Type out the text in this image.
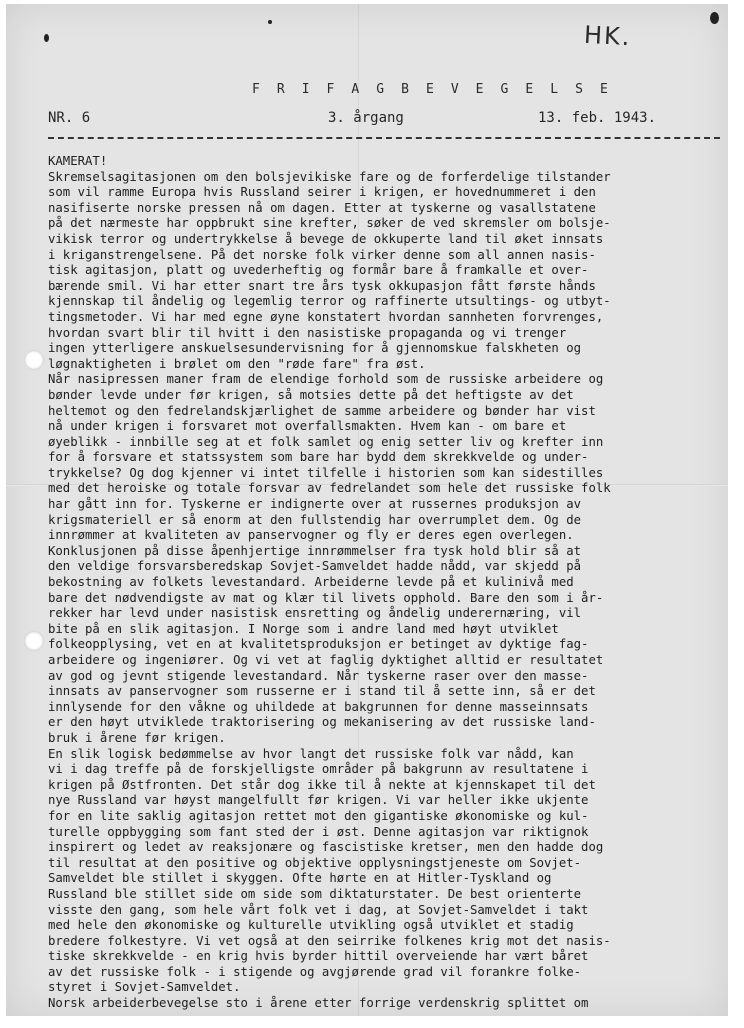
HK.
F R I F A G B E V E G E L S E
NR. 6	3. årgang	13. feb. 1943.
KAMERAT!
Skremselsagitasjonen om den bolsjevikiske fare og de forferdelige tilstander
som vil ramme Europa hvis Russland seirer i krigen, er hovednummeret i den
nasifiserte norske pressen nå om dagen. Etter at tyskerne og vasallstatene
på det nærmeste har oppbrukt sine krefter, søker de ved skremsler om bolsje-
vikisk terror og undertrykkelse å bevege de okkuperte land til øket innsats
i kriganstrengelsene. På det norske folk virker denne som all annen nasis-
tisk agitasjon, platt og uvederheftig og formår bare å framkalle et over-
bærende smil. Vi har etter snart tre års tysk okkupasjon fått første hånds
kjennskap til åndelig og legemlig terror og raffinerte utsultings- og utbyt-
tingsmetoder. Vi har med egne øyne konstatert hvordan sannheten forvrenges,
hvordan svart blir til hvitt i den nasistiske propaganda og vi trenger
ingen ytterligere anskuelsesundervisning for å gjennomskue falskheten og
løgnaktigheten i brølet om den "røde fare" fra øst.
Når nasipressen maner fram de elendige forhold som de russiske arbeidere og
bønder levde under før krigen, så motsies dette på det heftigste av det
heltemot og den fedrelandskjærlighet de samme arbeidere og bønder har vist
nå under krigen i forsvaret mot overfallsmakten. Hvem kan - om bare et
øyeblikk - innbille seg at et folk samlet og enig setter liv og krefter inn
for å forsvare et statssystem som bare har bydd dem skrekkvelde og under-
trykkelse? Og dog kjenner vi intet tilfelle i historien som kan sidestilles
med det heroiske og totale forsvar av fedrelandet som hele det russiske folk
har gått inn for. Tyskerne er indignerte over at russernes produksjon av
krigsmateriell er så enorm at den fullstendig har overrumplet dem. Og de
innrømmer at kvaliteten av panservogner og fly er deres egen overlegen.
Konklusjonen på disse åpenhjertige innrømmelser fra tysk hold blir så at
den veldige forsvarsberedskap Sovjet-Samveldet hadde nådd, var skjedd på
bekostning av folkets levestandard. Arbeiderne levde på et kulinivå med
bare det nødvendigste av mat og klær til livets opphold. Bare den som i år-
rekker har levd under nasistisk ensretting og åndelig underernæring, vil
bite på en slik agitasjon. I Norge som i andre land med høyt utviklet
folkeopplysing, vet en at kvalitetsproduksjon er betinget av dyktige fag-
arbeidere og ingeniører. Og vi vet at faglig dyktighet alltid er resultatet
av god og jevnt stigende levestandard. Når tyskerne raser over den masse-
innsats av panservogner som russerne er i stand til å sette inn, så er det
innlysende for den våkne og uhildede at bakgrunnen for denne masseinnsats
er den høyt utviklede traktorisering og mekanisering av det russiske land-
bruk i årene før krigen.
En slik logisk bedømmelse av hvor langt det russiske folk var nådd, kan
vi i dag treffe på de forskjelligste områder på bakgrunn av resultatene i
krigen på Østfronten. Det står dog ikke til å nekte at kjennskapet til det
nye Russland var høyst mangelfullt før krigen. Vi var heller ikke ukjente
for en lite saklig agitasjon rettet mot den gigantiske økonomiske og kul-
turelle oppbygging som fant sted der i øst. Denne agitasjon var riktignok
inspirert og ledet av reaksjonære og fascistiske kretser, men den hadde dog
til resultat at den positive og objektive opplysningstjeneste om Sovjet-
Samveldet ble stillet i skyggen. Ofte hørte en at Hitler-Tyskland og
Russland ble stillet side om side som diktaturstater. De best orienterte
visste den gang, som hele vårt folk vet i dag, at Sovjet-Samveldet i takt
med hele den økonomiske og kulturelle utvikling også utviklet et stadig
bredere folkestyre. Vi vet også at den seirrike folkenes krig mot det nasis-
tiske skrekkvelde - en krig hvis byrder hittil overveiende har vært båret
av det russiske folk - i stigende og avgjørende grad vil forankre folke-
styret i Sovjet-Samveldet.
Norsk arbeiderbevegelse sto i årene etter forrige verdenskrig splittet om
